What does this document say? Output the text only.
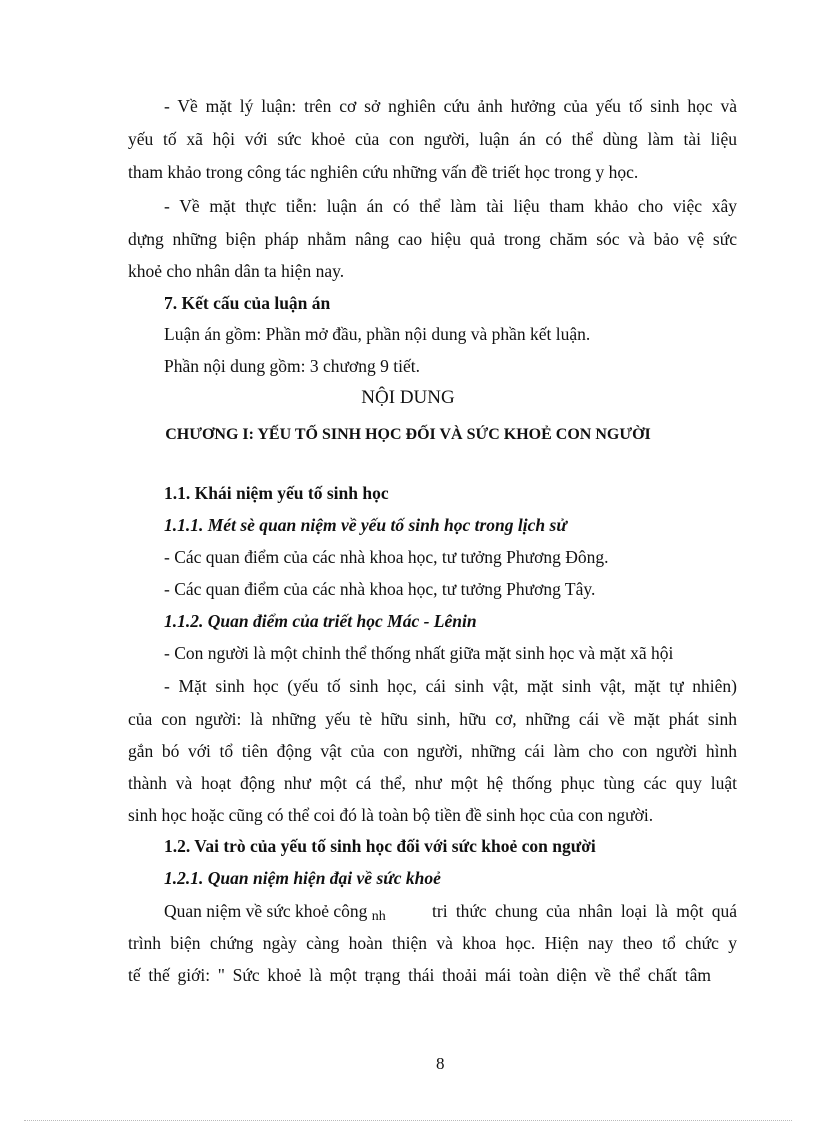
- Về mặt lý luận: trên cơ sở nghiên cứu ảnh hưởng của yếu tố sinh học và
yếu tố xã hội với sức khoẻ của con người, luận án có thể dùng làm tài liệu
tham khảo trong công tác nghiên cứu những vấn đề triết học trong y học.
- Về mặt thực tiễn: luận án có thể làm tài liệu tham khảo cho việc xây
dựng những biện pháp nhằm nâng cao hiệu quả trong chăm sóc và bảo vệ sức
khoẻ cho nhân dân ta hiện nay.
7. Kết cấu của luận án
Luận án gồm: Phần mở đầu, phần nội dung và phần kết luận.
Phần nội dung gồm: 3 chương 9 tiết.
NỘI DUNG
CHƯƠNG I: YẾU TỐ SINH HỌC ĐỐI VÀ SỨC KHOẺ CON NGƯỜI
1.1. Khái niệm yếu tố sinh học
1.1.1. Mét sè quan niệm về yếu tố sinh học trong lịch sử
- Các quan điểm của các nhà khoa học, tư tưởng Phương Đông.
- Các quan điểm của các nhà khoa học, tư tưởng Phương Tây.
1.1.2. Quan điểm của triết học Mác - Lênin
- Con người là một chỉnh thể thống nhất giữa mặt sinh học và mặt xã hội
- Mặt sinh học (yếu tố sinh học, cái sinh vật, mặt sinh vật, mặt tự nhiên)
của con người: là những yếu tè hữu sinh, hữu cơ, những cái về mặt phát sinh
gắn bó với tổ tiên động vật của con người, những cái làm cho con người hình
thành và hoạt động như một cá thể, như một hệ thống phục tùng các quy luật
sinh học hoặc cũng có thể coi đó là toàn bộ tiền đề sinh học của con người.
1.2. Vai trò của yếu tố sinh học đối với sức khoẻ con người
1.2.1. Quan niệm hiện đại về sức khoẻ
Quan niệm về sức khoẻ công nh	tri thức chung của nhân loại là một quá
trình biện chứng ngày càng hoàn thiện và khoa học. Hiện nay theo tổ chức y
tế thế giới: " Sức khoẻ là một trạng thái thoải mái toàn diện về thể chất tâm
8
